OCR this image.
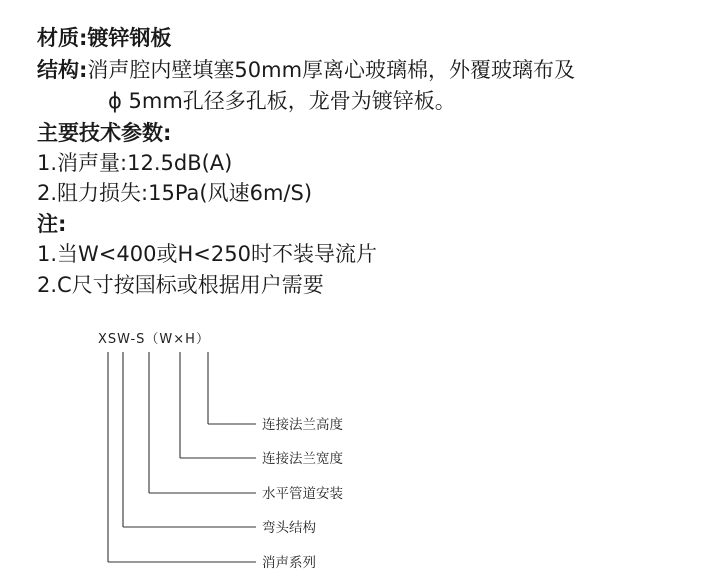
材质:镀锌钢板
结构:消声腔内壁填塞50mm厚离心玻璃棉，外覆玻璃布及
ϕ 5mm孔径多孔板，龙骨为镀锌板。
主要技术参数:
1.消声量:12.5dB(A)
2.阻力损失:15Pa(风速6m/S)
注:
1.当W<400或H<250时不装导流片
2.C尺寸按国标或根据用户需要
XSW-S（W×H）
连接法兰高度
连接法兰宽度
水平管道安装
弯头结构
消声系列
